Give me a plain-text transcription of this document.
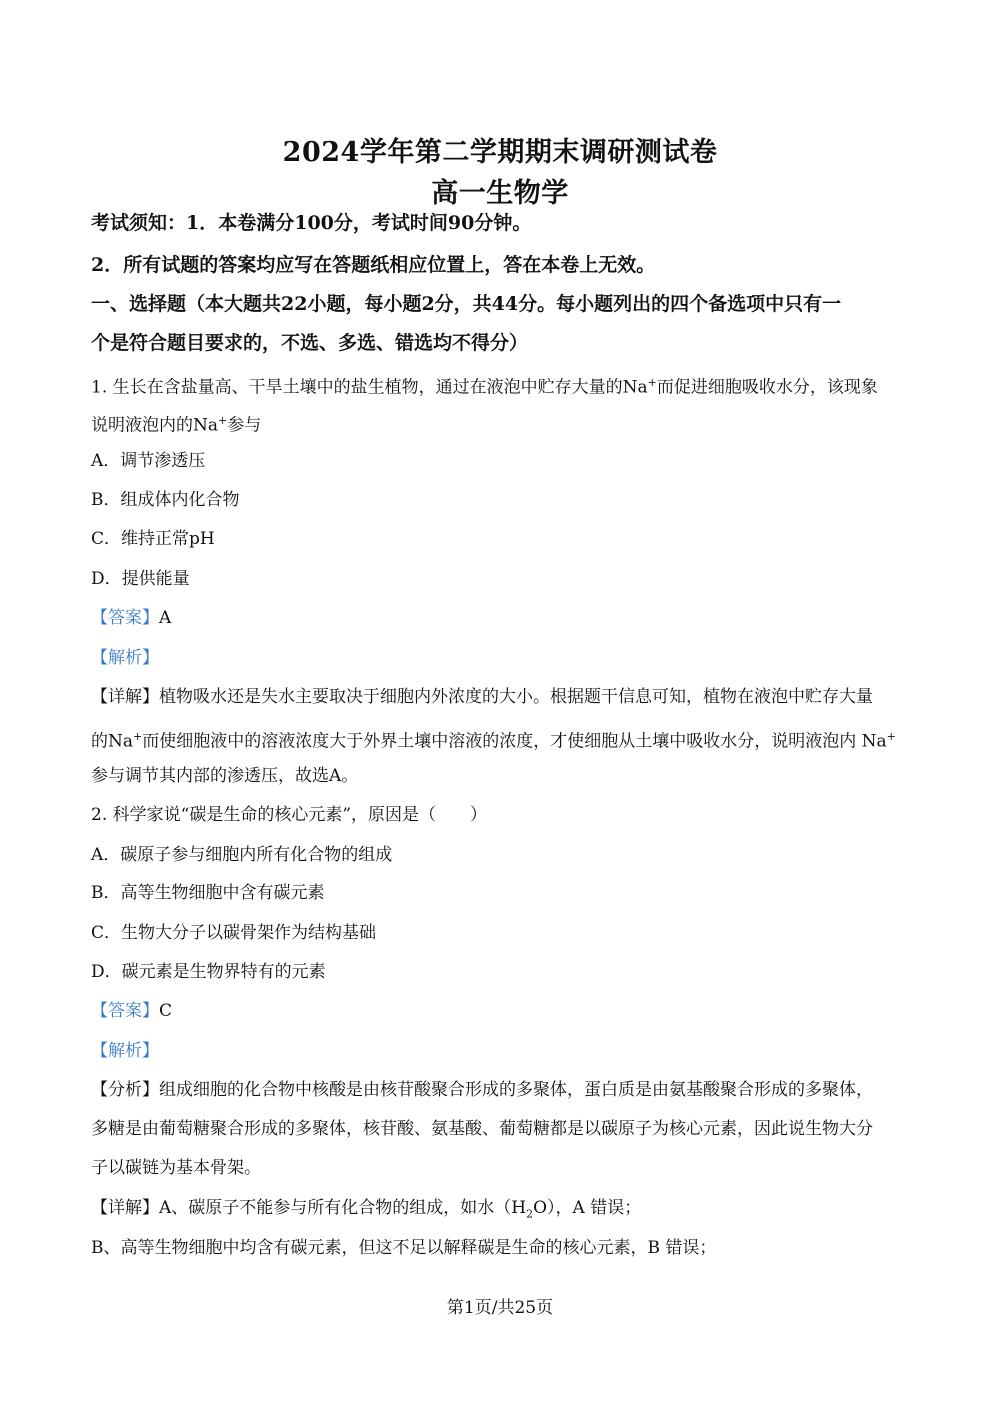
2024学年第二学期期末调研测试卷
高一生物学
考试须知：1．本卷满分100分，考试时间90分钟。
2．所有试题的答案均应写在答题纸相应位置上，答在本卷上无效。
一、选择题（本大题共22小题，每小题2分，共44分。每小题列出的四个备选项中只有一
个是符合题目要求的，不选、多选、错选均不得分）
1. 生长在含盐量高、干旱土壤中的盐生植物，通过在液泡中贮存大量的Na+而促进细胞吸收水分，该现象
说明液泡内的Na+参与
A．调节渗透压
B．组成体内化合物
C．维持正常pH
D．提供能量
【答案】A
【解析】
【详解】植物吸水还是失水主要取决于细胞内外浓度的大小。根据题干信息可知，植物在液泡中贮存大量
的Na+而使细胞液中的溶液浓度大于外界土壤中溶液的浓度，才使细胞从土壤中吸收水分，说明液泡内 Na+
参与调节其内部的渗透压，故选A。
2. 科学家说“碳是生命的核心元素”，原因是（　　）
A．碳原子参与细胞内所有化合物的组成
B．高等生物细胞中含有碳元素
C．生物大分子以碳骨架作为结构基础
D．碳元素是生物界特有的元素
【答案】C
【解析】
【分析】组成细胞的化合物中核酸是由核苷酸聚合形成的多聚体，蛋白质是由氨基酸聚合形成的多聚体，
多糖是由葡萄糖聚合形成的多聚体，核苷酸、氨基酸、葡萄糖都是以碳原子为核心元素，因此说生物大分
子以碳链为基本骨架。
【详解】A、碳原子不能参与所有化合物的组成，如水$(H_2O)$，A 错误；
B、高等生物细胞中均含有碳元素，但这不足以解释碳是生命的核心元素，B 错误；
第1页/共25页
